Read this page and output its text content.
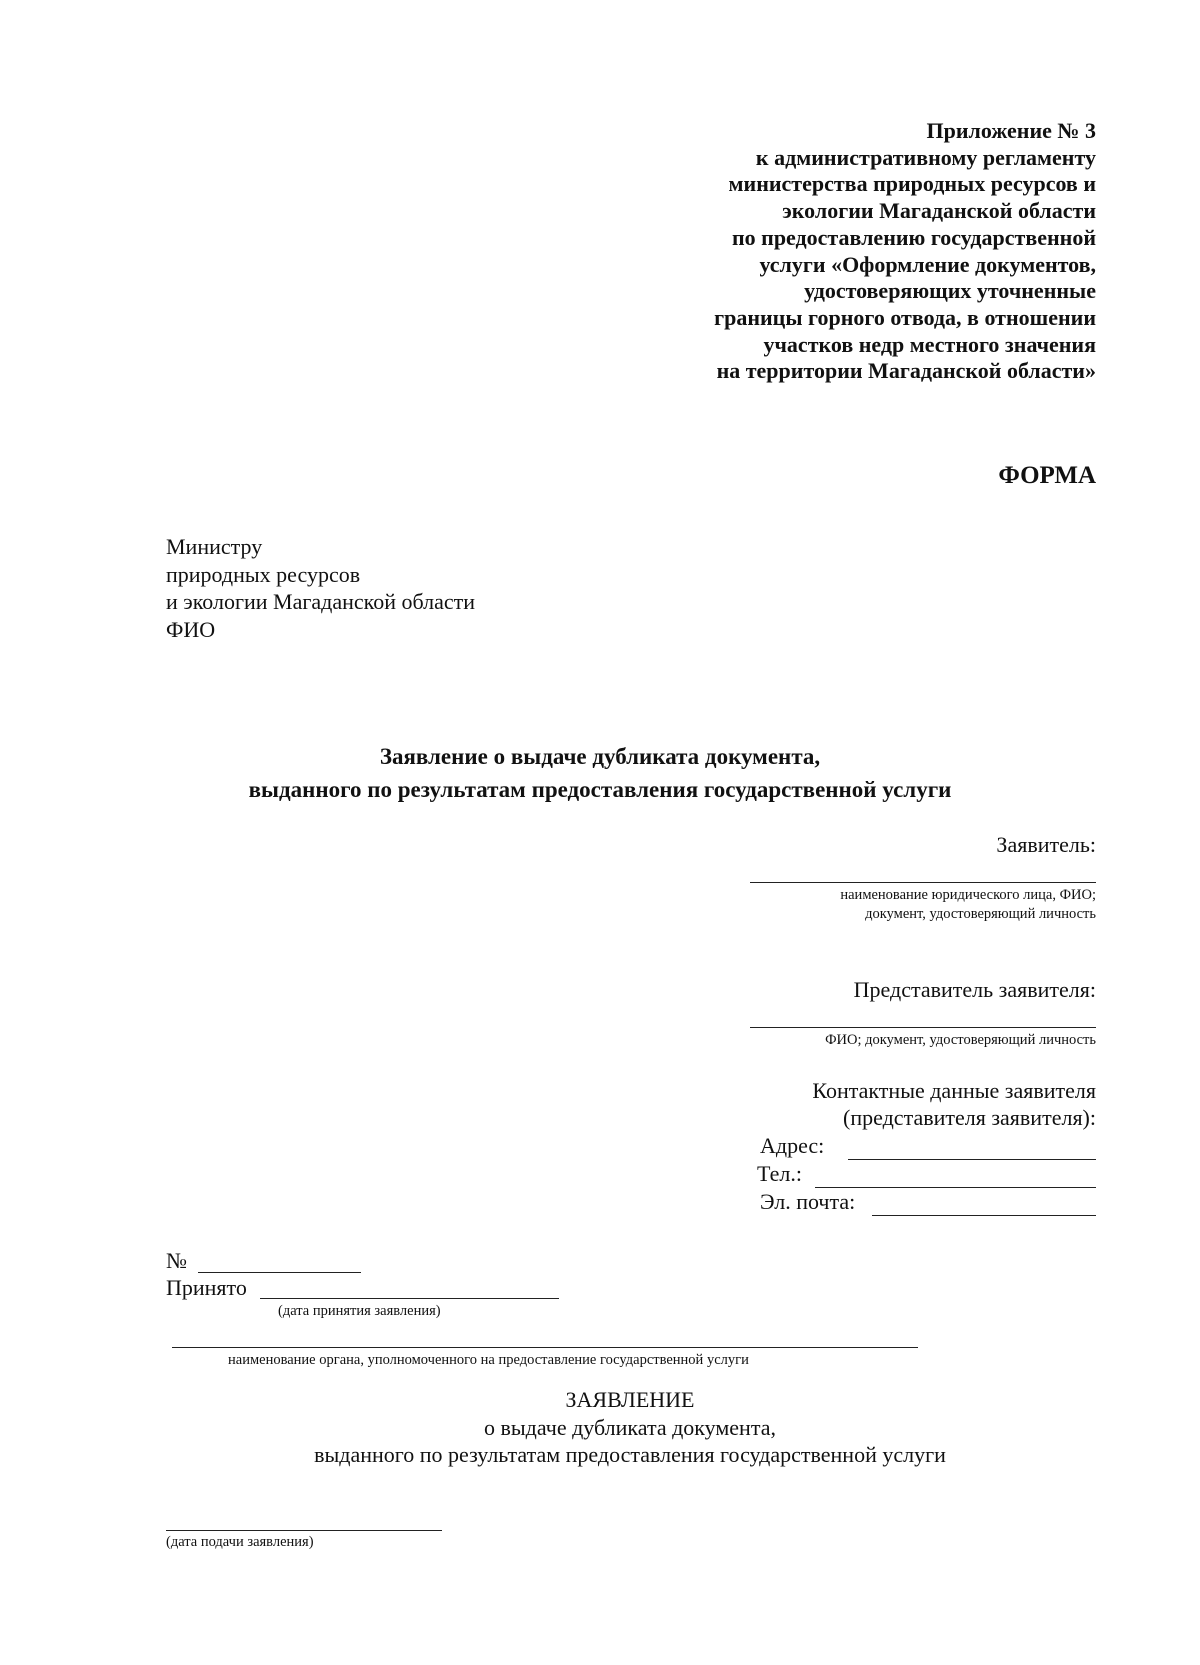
Приложение № 3
к административному регламенту
министерства природных ресурсов и
экологии Магаданской области
по предоставлению государственной
услуги «Оформление документов,
удостоверяющих уточненные
границы горного отвода, в отношении
участков недр местного значения
на территории Магаданской области»
ФОРМА
Министру
природных ресурсов
и экологии Магаданской области
ФИО
Заявление о выдаче дубликата документа,
выданного по результатам предоставления государственной услуги
Заявитель:
наименование юридического лица, ФИО;
документ, удостоверяющий личность
Представитель заявителя:
ФИО; документ, удостоверяющий личность
Контактные данные заявителя
(представителя заявителя):
Адрес:
Тел.:
Эл. почта:
№
Принято
(дата принятия заявления)
наименование органа, уполномоченного на предоставление государственной услуги
ЗАЯВЛЕНИЕ
о выдаче дубликата документа,
выданного по результатам предоставления государственной услуги
(дата подачи заявления)
